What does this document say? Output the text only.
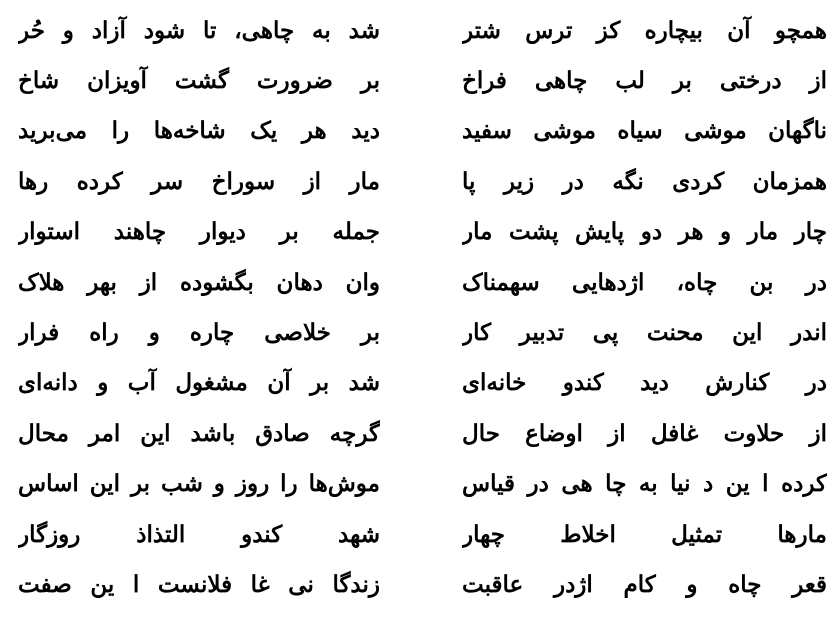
همچو آن بیچاره کز ترس شتر
شد به چاهی، تا شود آزاد و حُر
از درختی بر لب چاهی فراخ
بر ضرورت گشت آویزان شاخ
ناگهان موشی سیاه موشی سفید
دید هر یک شاخه‌ها را می‌برید
همزمان کردی نگه در زیر پا
مار از سوراخ سر کرده رها
چار مار و هر دو پایش پشت مار
جمله بر دیوار چاهند استوار
در بن چاه، اژدهایی سهمناک
وان دهان بگشوده از بهر هلاک
اندر این محنت پی تدبیر کار
بر خلاصی چاره و راه فرار
در کنارش دید کندو خانه‌ای
شد بر آن مشغول آب و دانه‌ای
از حلاوت غافل از اوضاع حال
گرچه صادق باشد این امر محال
کرده ا ین د نیا به چا هی در قیاس
موش‌ها را روز و شب بر این اساس
مارها تمثیل اخلاط چهار
شهد کندو التذاذ روزگار
قعر چاه و کام اژدر عاقبت
زندگا نی غا فلانست ا ین صفت
